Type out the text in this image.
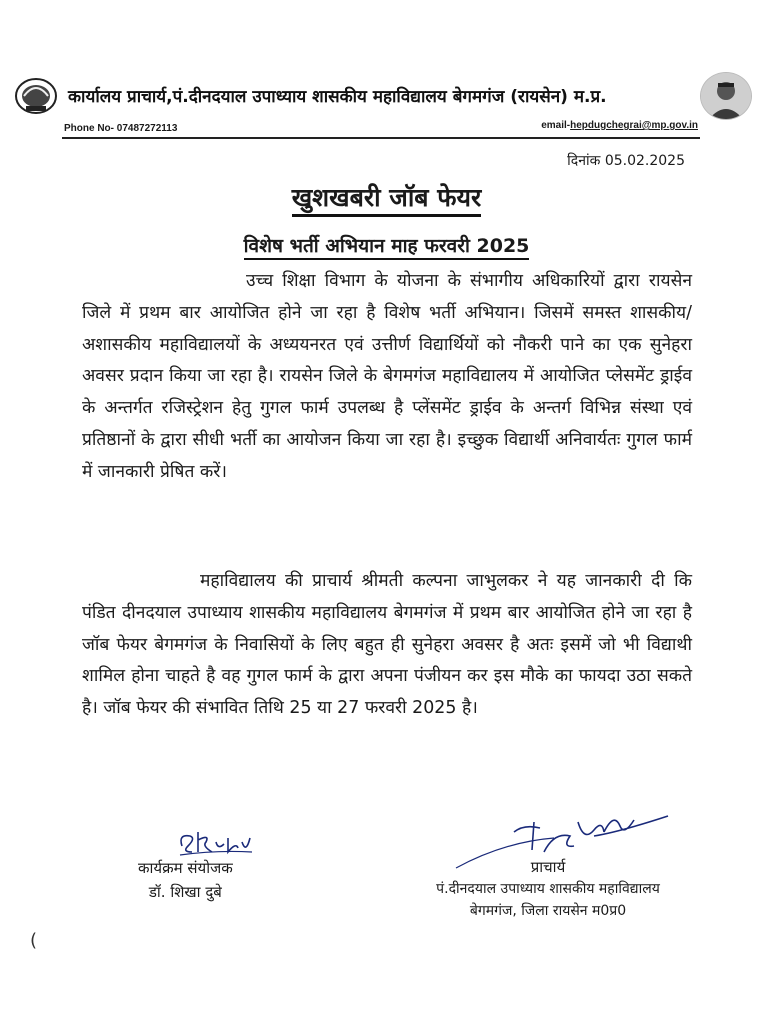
कार्यालय प्राचार्य,पं.दीनदयाल उपाध्याय शासकीय महाविद्यालय बेगमगंज (रायसेन) म.प्र.
Phone No- 07487272113	email-hepdugchegrai@mp.gov.in
दिनांक 05.02.2025
खुशखबरी जॉब फेयर
विशेष भर्ती अभियान माह फरवरी 2025
उच्च शिक्षा विभाग के योजना के संभागीय अधिकारियों द्वारा रायसेन जिले में प्रथम बार आयोजित होने जा रहा है विशेष भर्ती अभियान। जिसमें समस्त शासकीय/अशासकीय महाविद्यालयों के अध्ययनरत एवं उत्तीर्ण विद्यार्थियों को नौकरी पाने का एक सुनेहरा अवसर प्रदान किया जा रहा है। रायसेन जिले के बेगमगंज महाविद्यालय में आयोजित प्लेसमेंट ड्राईव के अन्तर्गत रजिस्ट्रेशन हेतु गुगल फार्म उपलब्ध है प्लेंसमेंट ड्राईव के अन्तर्ग विभिन्न संस्था एवं प्रतिष्ठानों के द्वारा सीधी भर्ती का आयोजन किया जा रहा है। इच्छुक विद्यार्थी अनिवार्यतः गुगल फार्म में जानकारी प्रेषित करें।
महाविद्यालय की प्राचार्य श्रीमती कल्पना जाभुलकर ने यह जानकारी दी कि पंडित दीनदयाल उपाध्याय शासकीय महाविद्यालय बेगमगंज में प्रथम बार आयोजित होने जा रहा है जॉब फेयर बेगमगंज के निवासियों के लिए बहुत ही सुनेहरा अवसर है अतः इसमें जो भी विद्याथी शामिल होना चाहते है वह गुगल फार्म के द्वारा अपना पंजीयन कर इस मौके का फायदा उठा सकते है। जॉब फेयर की संभावित तिथि 25 या 27 फरवरी 2025 है।
कार्यक्रम संयोजक
डॉ. शिखा दुबे
प्राचार्य
पं.दीनदयाल उपाध्याय शासकीय महाविद्यालय
बेगमगंज, जिला रायसेन म0प्र0
(
